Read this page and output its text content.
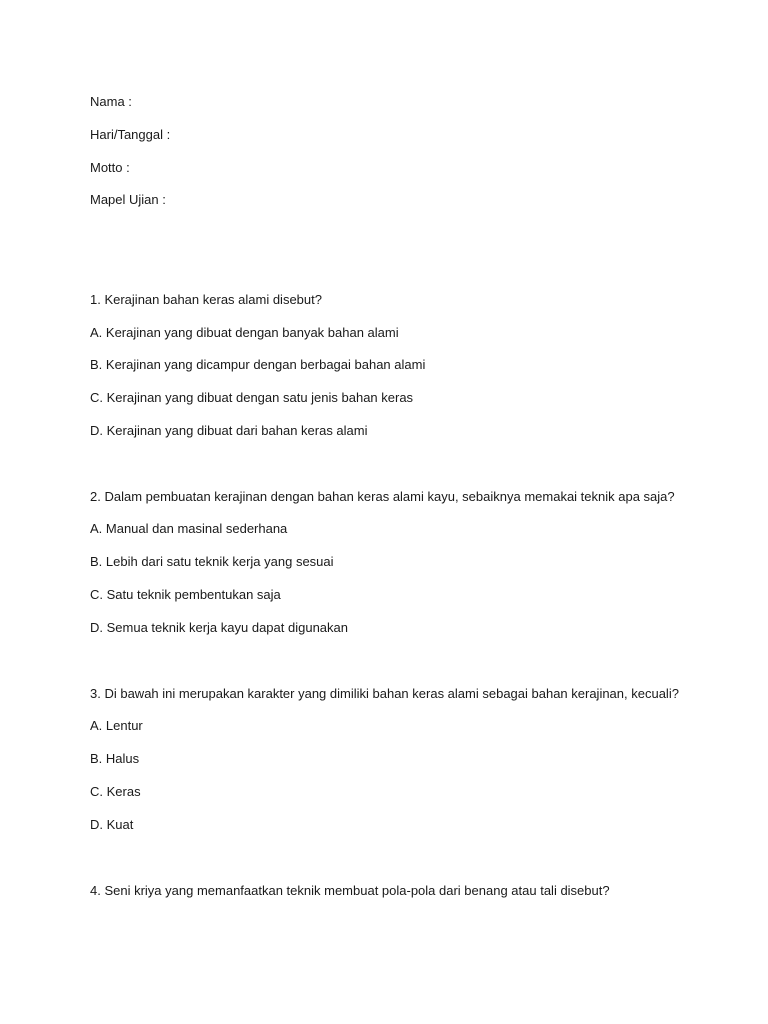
Nama :
Hari/Tanggal :
Motto :
Mapel Ujian :
1. Kerajinan bahan keras alami disebut?
A. Kerajinan yang dibuat dengan banyak bahan alami
B. Kerajinan yang dicampur dengan berbagai bahan alami
C. Kerajinan yang dibuat dengan satu jenis bahan keras
D. Kerajinan yang dibuat dari bahan keras alami
2. Dalam pembuatan kerajinan dengan bahan keras alami kayu, sebaiknya memakai teknik apa saja?
A. Manual dan masinal sederhana
B. Lebih dari satu teknik kerja yang sesuai
C. Satu teknik pembentukan saja
D. Semua teknik kerja kayu dapat digunakan
3. Di bawah ini merupakan karakter yang dimiliki bahan keras alami sebagai bahan kerajinan, kecuali?
A. Lentur
B. Halus
C. Keras
D. Kuat
4. Seni kriya yang memanfaatkan teknik membuat pola-pola dari benang atau tali disebut?
